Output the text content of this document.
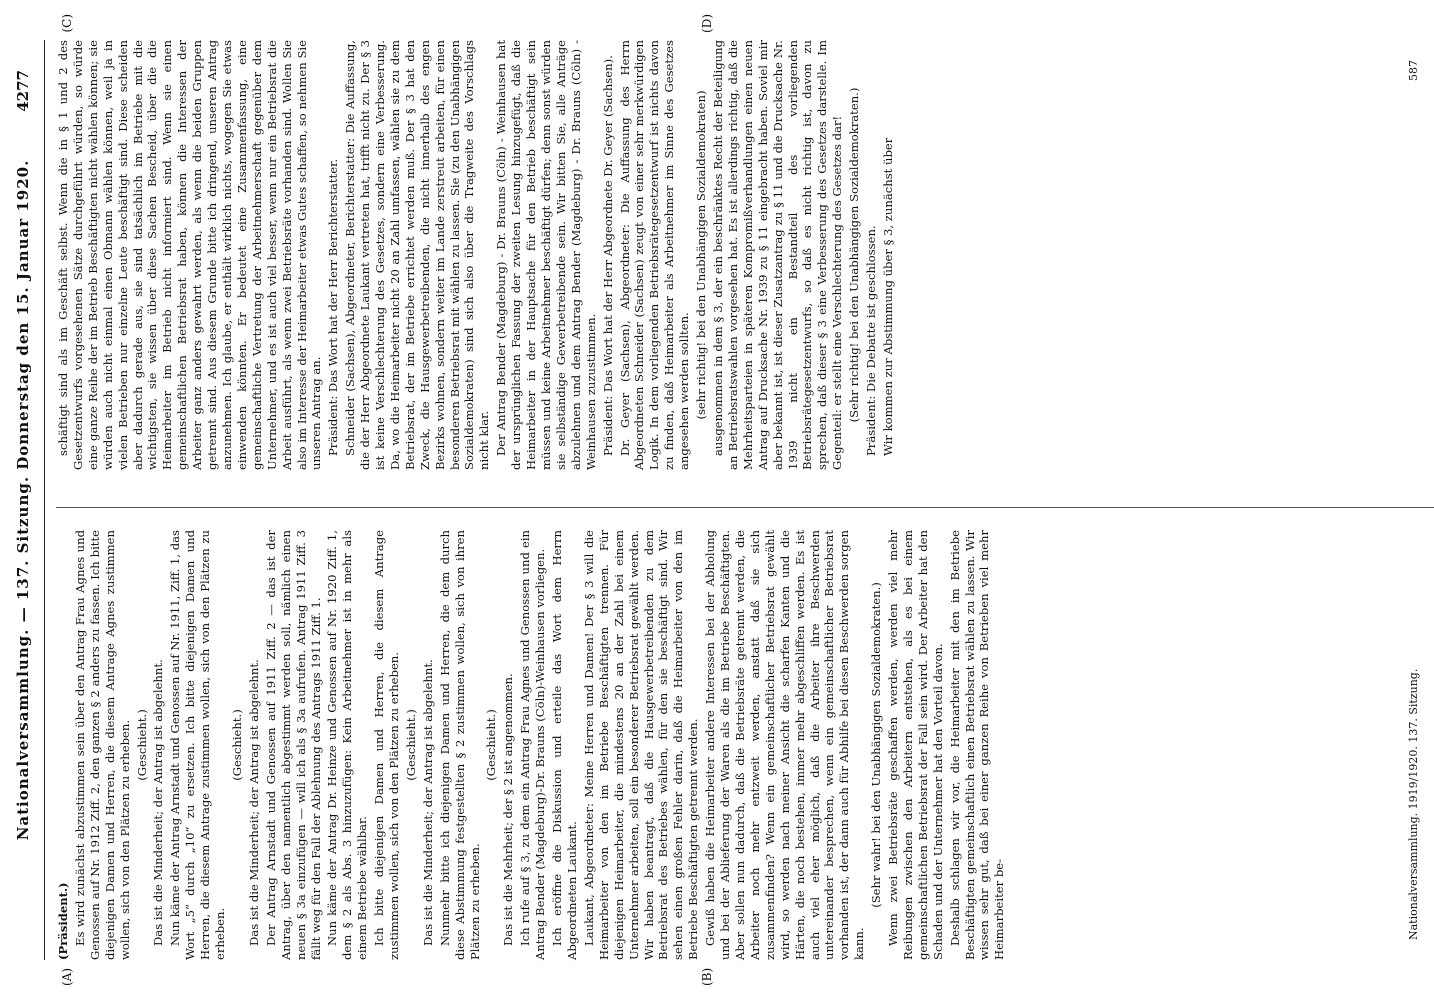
Nationalversammlung. — 137. Sitzung. Donnerstag den 15. Januar 1920.
4277
(A)	(B)
(C)	(D)

(Präsident.) Es wird zunächst abzustimmen sein über den Antrag Frau Agnes und Genossen auf Nr. 1912 Ziff. 2, den ganzen § 2 anders zu fassen. Ich bitte diejenigen Damen und Herren, die diesem Antrage Agnes zustimmen wollen, sich von den Plätzen zu erheben. (Geschieht.) Das ist die Minderheit; der Antrag ist abgelehnt. Nun käme der Antrag Arnstadt und Genossen auf Nr. 1911, Ziff. 1, das Wort „5“ durch „10“ zu ersetzen. Ich bitte diejenigen Damen und Herren, die diesem Antrage zustimmen wollen, sich von den Plätzen zu erheben.

(Geschieht.) Das ist die Minderheit; der Antrag ist abgelehnt. Der Antrag Arnstadt und Genossen auf 1911 Ziff. 2 — das ist der Antrag, über den namentlich abgestimmt werden soll, nämlich einen neuen § 3a einzufügen — will ich als § 3a aufrufen. Antrag 1911 Ziff. 3 fällt weg für den Fall der Ablehnung des Antrags 1911 Ziff. 1. Nun käme der Antrag Dr. Heinze und Genossen auf Nr. 1920 Ziff. 1, dem § 2 als Abs. 3 hinzuzufügen: Kein Arbeitnehmer ist in mehr als einem Betriebe wählbar. Ich bitte diejenigen Damen und Herren, die diesem Antrage zustimmen wollen, sich von den Plätzen zu erheben. (Geschieht.) Das ist die Minderheit; der Antrag ist abgelehnt. Nunmehr bitte ich diejenigen Damen und Herren, die dem durch diese Abstimmung festgestellten § 2 zustimmen wollen, sich von ihren Plätzen zu erheben.

(Geschieht.) Das ist die Mehrheit; der § 2 ist angenommen. Ich rufe auf § 3, zu dem ein Antrag Frau Agnes und Genossen und ein Antrag Bender (Magdeburg)-Dr. Brauns (Cöln)-Weinhausen vorliegen. Ich eröffne die Diskussion und erteile das Wort dem Herrn Abgeordneten Laukant. Laukant, Abgeordneter: Meine Herren und Damen! Der § 3 will die Heimarbeiter von den im Betriebe Beschäftigten trennen. Für diejenigen Heimarbeiter, die mindestens 20 an der Zahl bei einem Unternehmer arbeiten, soll ein besonderer Betriebsrat gewählt werden. Wir haben beantragt, daß die Hausgewerbetreibenden zu dem Betriebsrat des Betriebes wählen, für den sie beschäftigt sind. Wir sehen einen großen Fehler darin, daß die Heimarbeiter von den im Betriebe Beschäftigten getrennt werden. Gewiß haben die Heimarbeiter andere Interessen bei der Abholung und bei der Ablieferung der Waren als die im Betriebe Beschäftigten. Aber sollen nun dadurch, daß die Betriebsräte getrennt werden, die Arbeiter noch mehr entzweit werden, anstatt daß sie sich zusammenfinden? Wenn ein gemeinschaftlicher Betriebsrat gewählt wird, so werden nach meiner Ansicht die scharfen Kanten und die Härten, die noch bestehen, immer mehr abgeschliffen werden. Es ist auch viel eher möglich, daß die Arbeiter ihre Beschwerden untereinander besprechen, wenn ein gemeinschaftlicher Betriebsrat vorhanden ist, der dann auch für Abhilfe bei diesen Beschwerden sorgen kann.

(Sehr wahr! bei den Unabhängigen Sozialdemokraten.) Wenn zwei Betriebsräte geschaffen werden, werden viel mehr Reibungen zwischen den Arbeitern entstehen, als es bei einem gemeinschaftlichen Betriebsrat der Fall sein wird. Der Arbeiter hat den Schaden und der Unternehmer hat den Vorteil davon. Deshalb schlagen wir vor, die Heimarbeiter mit den im Betriebe Beschäftigten gemeinschaftlich einen Betriebsrat wählen zu lassen. Wir wissen sehr gut, daß bei einer ganzen Reihe von Betrieben viel mehr Heimarbeiter be-

schäftigt sind als im Geschäft selbst. Wenn die in § 1 und 2 des Gesetzentwurfs vorgesehenen Sätze durchgeführt würden, so würde eine ganze Reihe der im Betrieb Beschäftigten nicht wählen können; sie würden auch nicht einmal einen Obmann wählen können, weil ja in vielen Betrieben nur einzelne Leute beschäftigt sind. Diese scheiden aber dadurch gerade aus, sie sind tatsächlich im Betriebe mit die wichtigsten, sie wissen über diese Sachen Bescheid, über die die Heimarbeiter im Betrieb nicht informiert sind. Wenn sie einen gemeinschaftlichen Betriebsrat haben, können die Interessen der Arbeiter ganz anders gewahrt werden, als wenn die beiden Gruppen getrennt sind. Aus diesem Grunde bitte ich dringend, unseren Antrag anzunehmen. Ich glaube, er enthält wirklich nichts, wogegen Sie etwas einwenden könnten. Er bedeutet eine Zusammenfassung, eine gemeinschaftliche Vertretung der Arbeitnehmerschaft gegenüber dem Unternehmer, und es ist auch viel besser, wenn nur ein Betriebsrat die Arbeit ausführt, als wenn zwei Betriebsräte vorhanden sind. Wollen Sie also im Interesse der Heimarbeiter etwas Gutes schaffen, so nehmen Sie unseren Antrag an. Präsident: Das Wort hat der Herr Berichterstatter. Schneider (Sachsen), Abgeordneter, Berichterstatter: Die Auffassung, die der Herr Abgeordnete Laukant vertreten hat, trifft nicht zu. Der § 3 ist keine Verschlechterung des Gesetzes, sondern eine Verbesserung. Da, wo die Heimarbeiter nicht 20 an Zahl umfassen, wählen sie zu dem Betriebsrat, der im Betriebe errichtet werden muß. Der § 3 hat den Zweck, die Hausgewerbetreibenden, die nicht innerhalb des engen Bezirks wohnen, sondern weiter im Lande zerstreut arbeiten, für einen besonderen Betriebsrat mit wählen zu lassen. Sie (zu den Unabhängigen Sozialdemokraten) sind sich also über die Tragweite des Vorschlags nicht klar. Der Antrag Bender (Magdeburg) - Dr. Brauns (Cöln) - Weinhausen hat der ursprünglichen Fassung der zweiten Lesung hinzugefügt, daß die Heimarbeiter in der Hauptsache für den Betrieb beschäftigt sein müssen und keine Arbeitnehmer beschäftigt dürfen; denn sonst würden sie selbständige Gewerbetreibende sein. Wir bitten Sie, alle Anträge abzulehnen und dem Antrag Bender (Magdeburg) - Dr. Brauns (Cöln) - Weinhausen zuzustimmen. Präsident: Das Wort hat der Herr Abgeordnete Dr. Geyer (Sachsen). Dr. Geyer (Sachsen), Abgeordneter: Die Auffassung des Herrn Abgeordneten Schneider (Sachsen) zeugt von einer sehr merkwürdigen Logik. In dem vorliegenden Betriebsrätegesetzentwurf ist nichts davon zu finden, daß Heimarbeiter als Arbeitnehmer im Sinne des Gesetzes angesehen werden sollten. (sehr richtig! bei den Unabhängigen Sozialdemokraten) ausgenommen in dem § 3, der ein beschränktes Recht der Beteiligung an Betriebsratswahlen vorgesehen hat. Es ist allerdings richtig, daß die Mehrheitsparteien in späteren Kompromißverhandlungen einen neuen Antrag auf Drucksache Nr. 1939 zu § 11 eingebracht haben. Soviel mir aber bekannt ist, ist dieser Zusatzantrag zu § 11 und die Drucksache Nr. 1939 nicht ein Bestandteil des vorliegenden Betriebsrätegesetzentwurfs, so daß es nicht richtig ist, davon zu sprechen, daß dieser § 3 eine Verbesserung des Gesetzes darstelle. Im Gegenteil: er stellt eine Verschlechterung des Gesetzes dar! (Sehr richtig! bei den Unabhängigen Sozialdemokraten.) Präsident: Die Debatte ist geschlossen. Wir kommen zur Abstimmung über § 3, zunächst über

Nationalversammlung. 1919/1920. 137. Sitzung.
587
